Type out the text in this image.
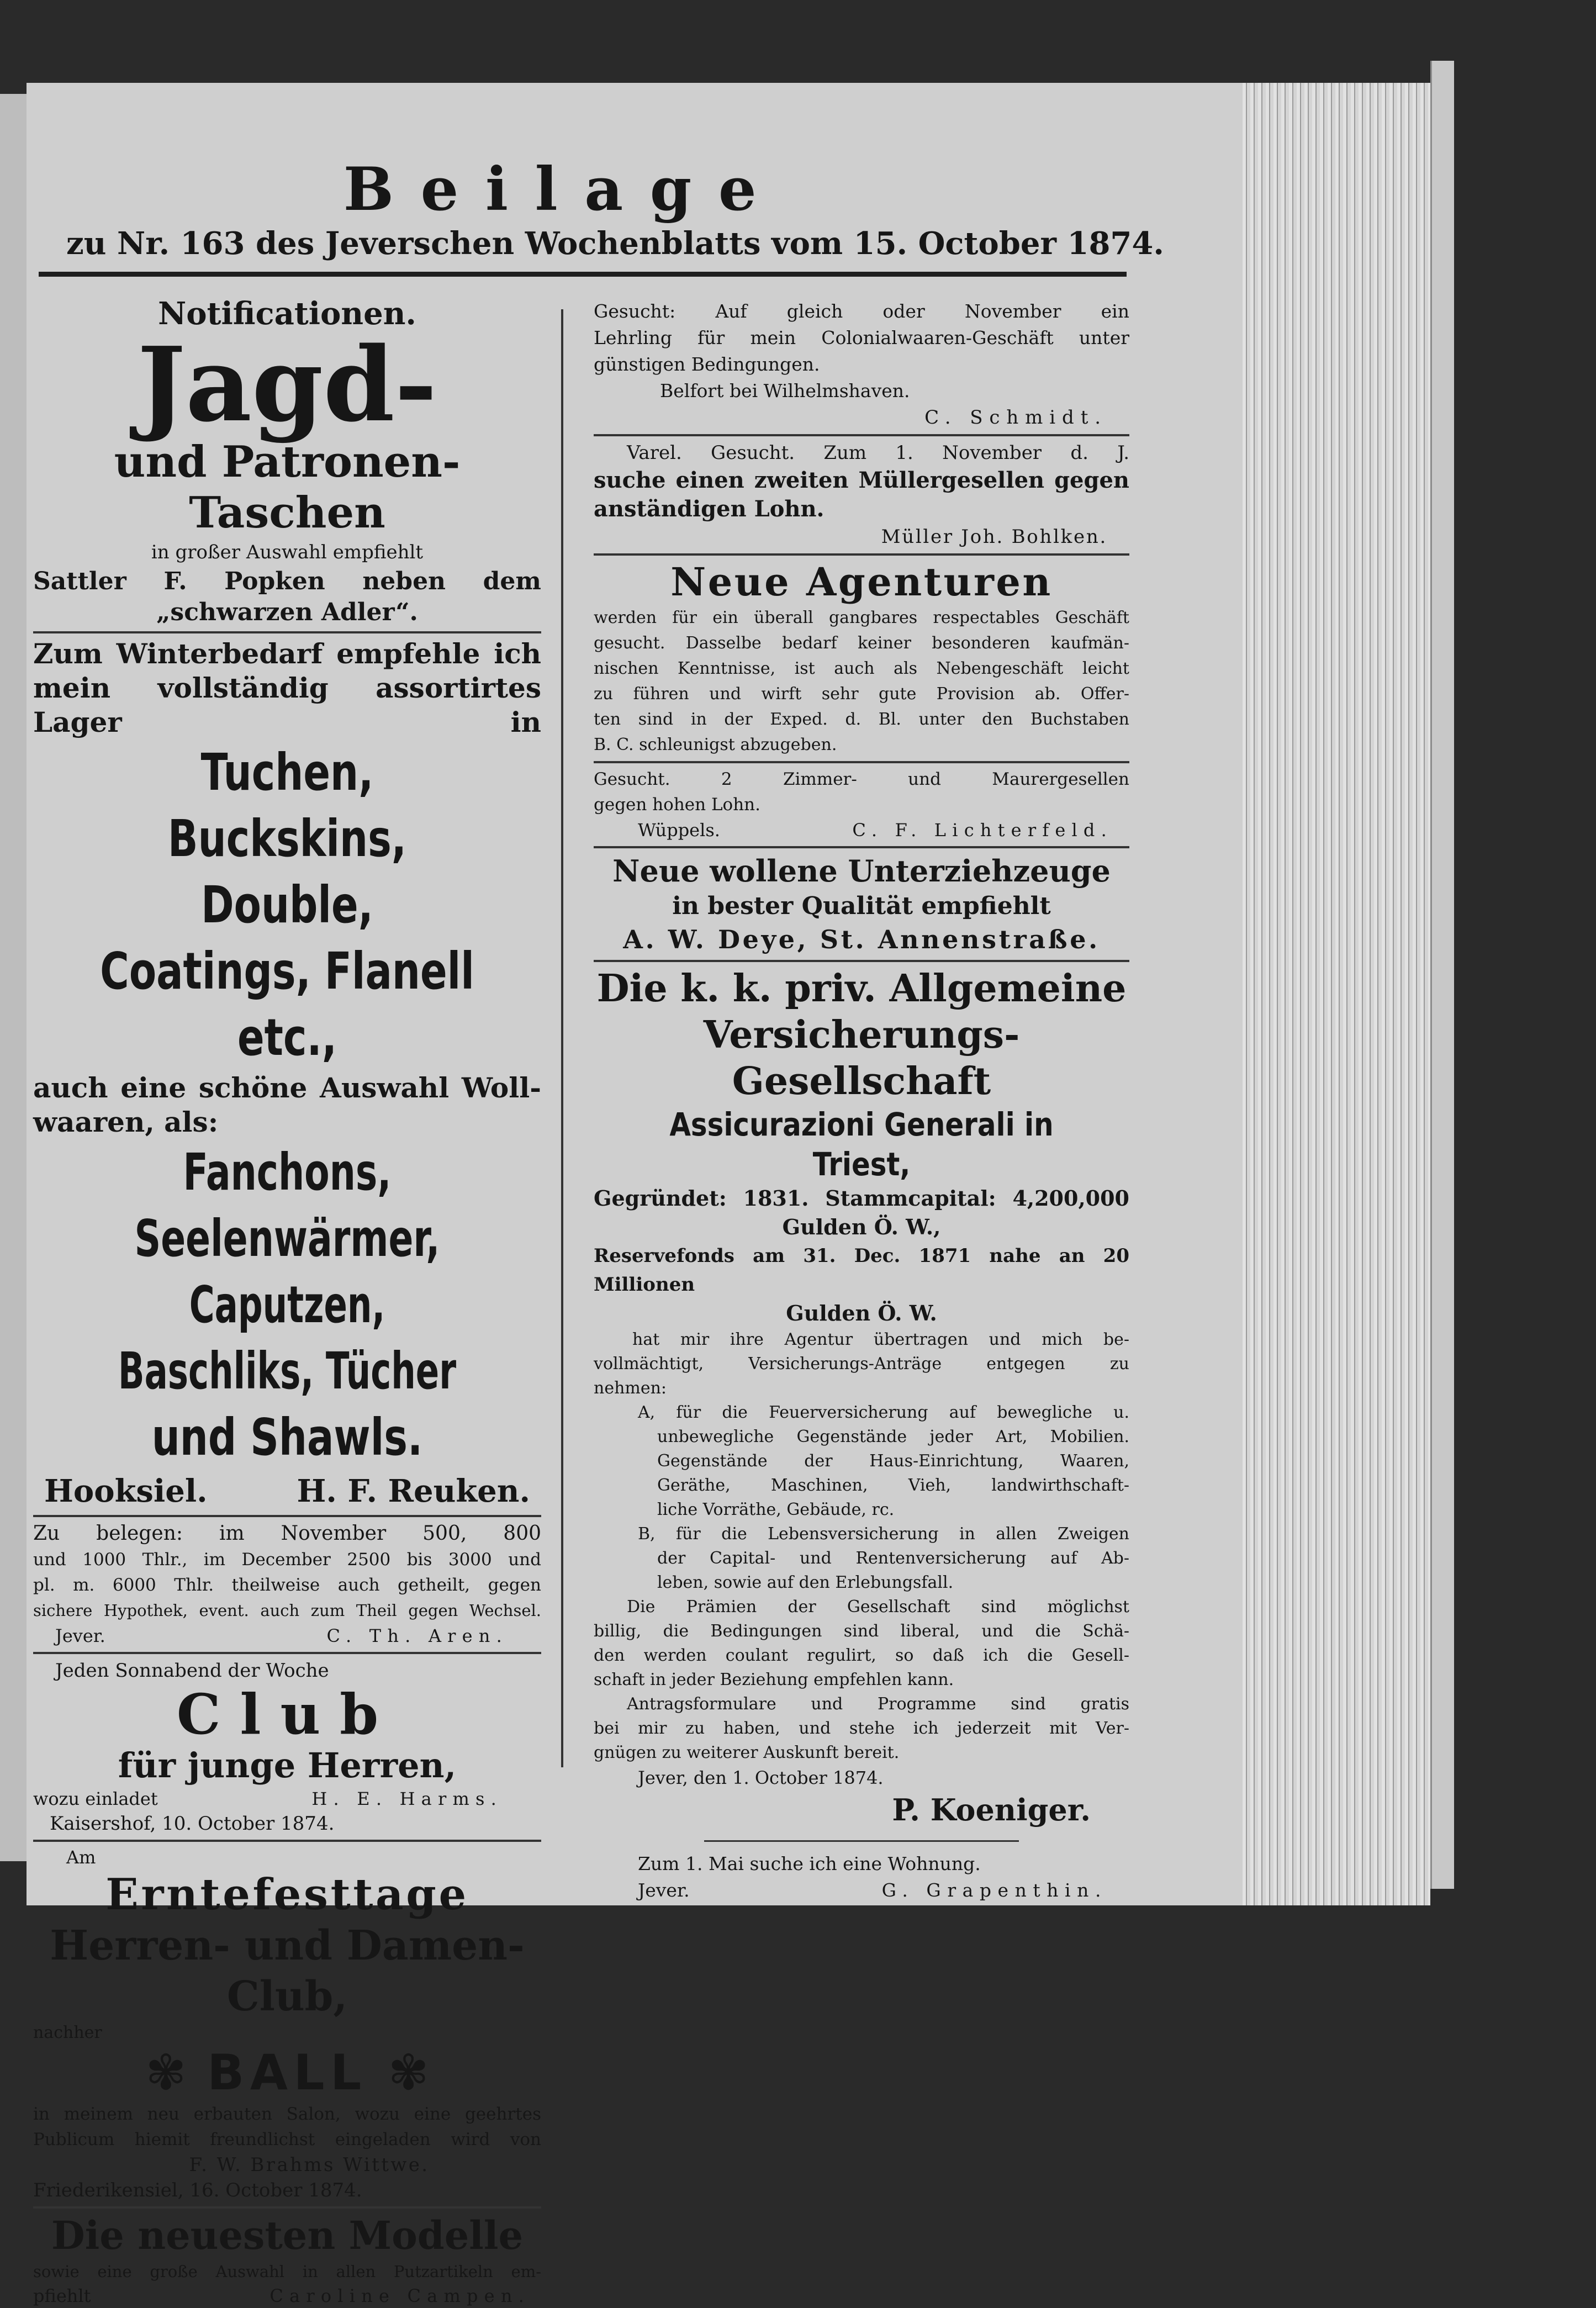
Beilage
zu Nr. 163 des Jeverschen Wochenblatts vom 15. October 1874.
Notificationen.
Jagd-
und Patronen-Taschen
in großer Auswahl empfiehlt
Sattler F. Popken neben dem
„schwarzen Adler“.
Zum Winterbedarf empfehle ich
mein vollständig assortirtes Lager in
Tuchen, Buckskins, Double,
Coatings, Flanell etc.,
auch eine schöne Auswahl Woll-
waaren, als:
Fanchons, Seelenwärmer,
Caputzen, Baschliks, Tücher
und Shawls.
Hooksiel.	H. F. Reuken.
Zu belegen: im November 500, 800
und 1000 Thlr., im December 2500 bis 3000 und
pl. m. 6000 Thlr. theilweise auch getheilt, gegen
sichere Hypothek, event. auch zum Theil gegen Wechsel.
Jever.	C. Th. Aren.
Jeden Sonnabend der Woche
Club
für junge Herren,
wozu einladet	H. E. Harms.
Kaisershof, 10. October 1874.
Am
Erntefesttage
Herren- und Damen-Club,
nachher
✾ BALL ✾
in meinem neu erbauten Salon, wozu eine geehrtes
Publicum hiemit freundlichst eingeladen wird von
F. W. Brahms Wittwe.
Friederikensiel, 16. October 1874.
Die neuesten Modelle
sowie eine große Auswahl in allen Putzartikeln em-
pfiehlt	Caroline Campen.
Gesucht: Auf gleich oder November ein
Lehrling für mein Colonialwaaren-Geschäft unter
günstigen Bedingungen.
Belfort bei Wilhelmshaven.
C. Schmidt.
Varel. Gesucht. Zum 1. November d. J.
suche einen zweiten Müllergesellen gegen
anständigen Lohn.
Müller Joh. Bohlken.
Neue Agenturen
werden für ein überall gangbares respectables Geschäft
gesucht. Dasselbe bedarf keiner besonderen kaufmän-
nischen Kenntnisse, ist auch als Nebengeschäft leicht
zu führen und wirft sehr gute Provision ab. Offer-
ten sind in der Exped. d. Bl. unter den Buchstaben
B. C. schleunigst abzugeben.
Gesucht. 2 Zimmer- und Maurergesellen
gegen hohen Lohn.
Wüppels.	C. F. Lichterfeld.
Neue wollene Unterziehzeuge
in bester Qualität empfiehlt
A. W. Deye, St. Annenstraße.
Die k. k. priv. Allgemeine
Versicherungs-Gesellschaft
Assicurazioni Generali in Triest,
Gegründet: 1831. Stammcapital: 4,200,000
Gulden Ö. W.,
Reservefonds am 31. Dec. 1871 nahe an 20 Millionen
Gulden Ö. W.
hat mir ihre Agentur übertragen und mich be-
vollmächtigt, Versicherungs-Anträge entgegen zu
nehmen:
A, für die Feuerversicherung auf bewegliche u.
unbewegliche Gegenstände jeder Art, Mobilien.
Gegenstände der Haus-Einrichtung, Waaren,
Geräthe, Maschinen, Vieh, landwirthschaft-
liche Vorräthe, Gebäude, rc.
B, für die Lebensversicherung in allen Zweigen
der Capital- und Rentenversicherung auf Ab-
leben, sowie auf den Erlebungsfall.
Die Prämien der Gesellschaft sind möglichst
billig, die Bedingungen sind liberal, und die Schä-
den werden coulant regulirt, so daß ich die Gesell-
schaft in jeder Beziehung empfehlen kann.
Antragsformulare und Programme sind gratis
bei mir zu haben, und stehe ich jederzeit mit Ver-
gnügen zu weiterer Auskunft bereit.
Jever, den 1. October 1874.
P. Koeniger.
Zum 1. Mai suche ich eine Wohnung.
Jever.	G. Grapenthin.
